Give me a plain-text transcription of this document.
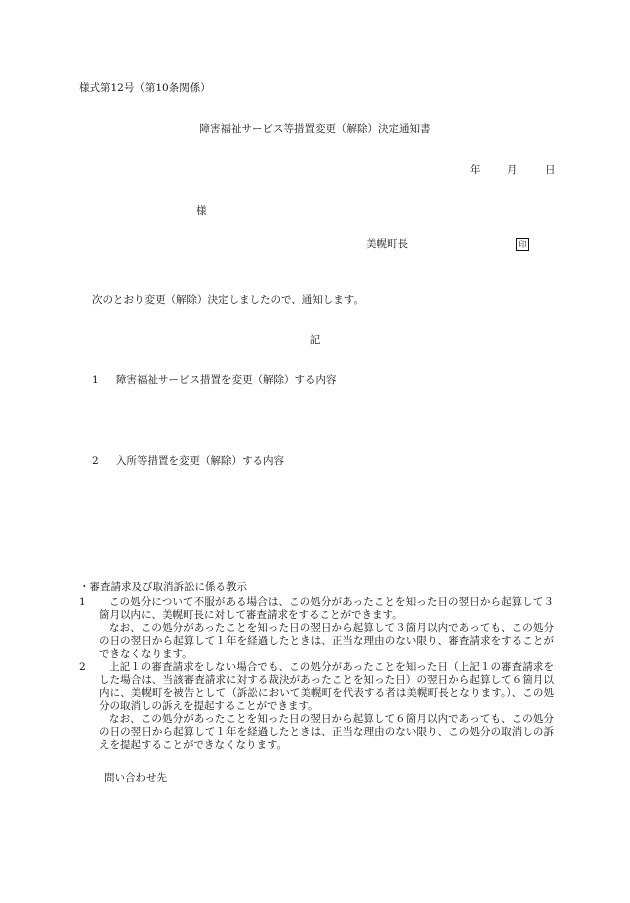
様式第12号（第10条関係）
障害福祉サービス等措置変更（解除）決定通知書
年	月	日
様
美幌町長	印
次のとおり変更（解除）決定しましたので、通知します。
記
1 障害福祉サービス措置を変更（解除）する内容
2 入所等措置を変更（解除）する内容
・審査請求及び取消訴訟に係る教示
1	この処分について不服がある場合は、この処分があったことを知った日の翌日から起算して３箇月以内に、美幌町長に対して審査請求をすることができます。

なお、この処分があったことを知った日の翌日から起算して３箇月以内であっても、この処分の日の翌日から起算して１年を経過したときは、正当な理由のない限り、審査請求をすることができなくなります。

2	上記１の審査請求をしない場合でも、この処分があったことを知った日（上記１の審査請求をした場合は、当該審査請求に対する裁決があったことを知った日）の翌日から起算して６箇月以内に、美幌町を被告として（訴訟において美幌町を代表する者は美幌町長となります。）、この処分の取消しの訴えを提起することができます。

なお、この処分があったことを知った日の翌日から起算して６箇月以内であっても、この処分の日の翌日から起算して１年を経過したときは、正当な理由のない限り、この処分の取消しの訴えを提起することができなくなります。

問い合わせ先
